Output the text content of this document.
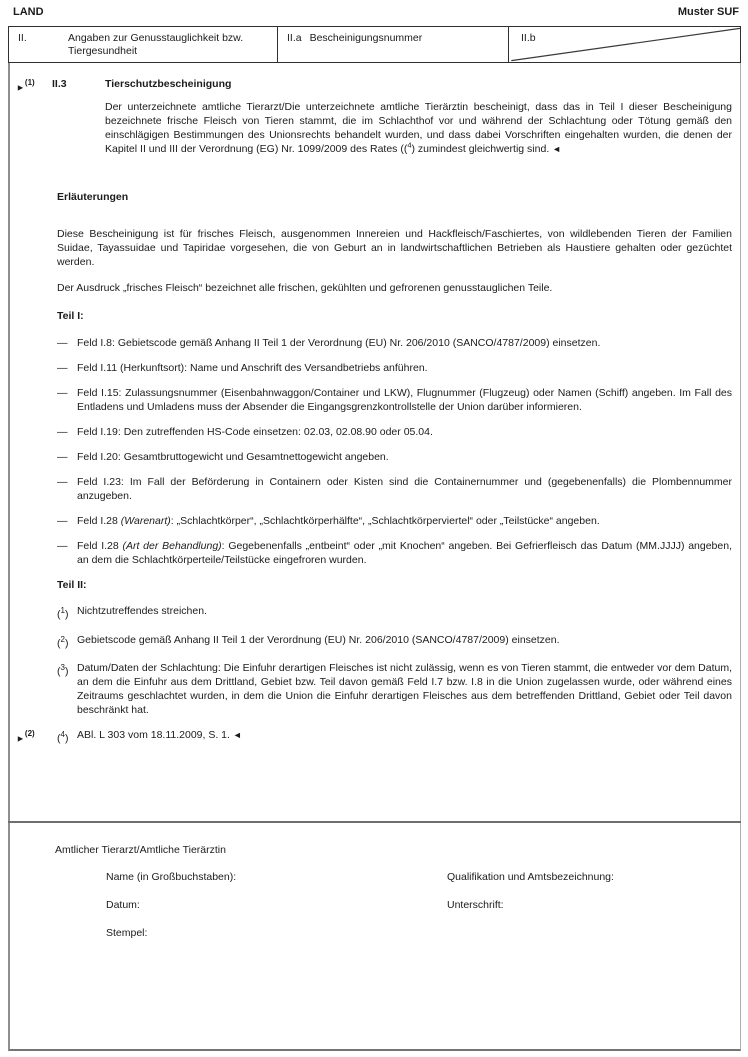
LAND	Muster SUF
II.	Angaben zur Genusstauglichkeit bzw. Tiergesundheit
II.a Bescheinigungsnummer	II.b
►$^{(1)}$	II.3	Tierschutzbescheinigung

Der unterzeichnete amtliche Tierarzt/Die unterzeichnete amtliche Tierärztin bescheinigt, dass das in Teil I dieser Bescheinigung bezeichnete frische Fleisch von Tieren stammt, die im Schlachthof vor und während der Schlachtung oder Tötung gemäß den einschlägigen Bestimmungen des Unionsrechts behandelt wurden, und dass dabei Vorschriften eingehalten wurden, die denen der Kapitel II und III der Verordnung (EG) Nr. 1099/2009 des Rates (($^4$) zumindest gleichwertig sind. ◄

Erläuterungen

Diese Bescheinigung ist für frisches Fleisch, ausgenommen Innereien und Hackfleisch/Faschiertes, von wildlebenden Tieren der Familien Suidae, Tayassuidae und Tapiridae vorgesehen, die von Geburt an in landwirtschaftlichen Betrieben als Haustiere gehalten oder gezüchtet werden.

Der Ausdruck „frisches Fleisch“ bezeichnet alle frischen, gekühlten und gefrorenen genusstauglichen Teile.

Teil I:
— Feld I.8: Gebietscode gemäß Anhang II Teil 1 der Verordnung (EU) Nr. 206/2010 (SANCO/4787/2009) einsetzen.
— Feld I.11 (Herkunftsort): Name und Anschrift des Versandbetriebs anführen.
— Feld I.15: Zulassungsnummer (Eisenbahnwaggon/Container und LKW), Flugnummer (Flugzeug) oder Namen (Schiff) angeben. Im Fall des Entladens und Umladens muss der Absender die Eingangsgrenzkontrollstelle der Union darüber informieren.
— Feld I.19: Den zutreffenden HS-Code einsetzen: 02.03, 02.08.90 oder 05.04.
— Feld I.20: Gesamtbruttogewicht und Gesamtnettogewicht angeben.
— Feld I.23: Im Fall der Beförderung in Containern oder Kisten sind die Containernummer und (gegebenenfalls) die Plombennummer anzugeben.
— Feld I.28 (Warenart): „Schlachtkörper“, „Schlachtkörperhälfte“, „Schlachtkörperviertel“ oder „Teilstücke“ angeben.
— Feld I.28 (Art der Behandlung): Gegebenenfalls „entbeint“ oder „mit Knochen“ angeben. Bei Gefrierfleisch das Datum (MM.JJJJ) angeben, an dem die Schlachtkörperteile/Teilstücke eingefroren wurden.
Teil II:
($^1$) Nichtzutreffendes streichen.
($^2$) Gebietscode gemäß Anhang II Teil 1 der Verordnung (EU) Nr. 206/2010 (SANCO/4787/2009) einsetzen.
($^3$) Datum/Daten der Schlachtung: Die Einfuhr derartigen Fleisches ist nicht zulässig, wenn es von Tieren stammt, die entweder vor dem Datum, an dem die Einfuhr aus dem Drittland, Gebiet bzw. Teil davon gemäß Feld I.7 bzw. I.8 in die Union zugelassen wurde, oder während eines Zeitraums geschlachtet wurden, in dem die Union die Einfuhr derartigen Fleisches aus dem betreffenden Drittland, Gebiet oder Teil davon beschränkt hat.
►$^{(2)}$ ($^4$) ABl. L 303 vom 18.11.2009, S. 1. ◄
Amtlicher Tierarzt/Amtliche Tierärztin
Name (in Großbuchstaben):	Qualifikation und Amtsbezeichnung:
Datum:	Unterschrift:
Stempel:
